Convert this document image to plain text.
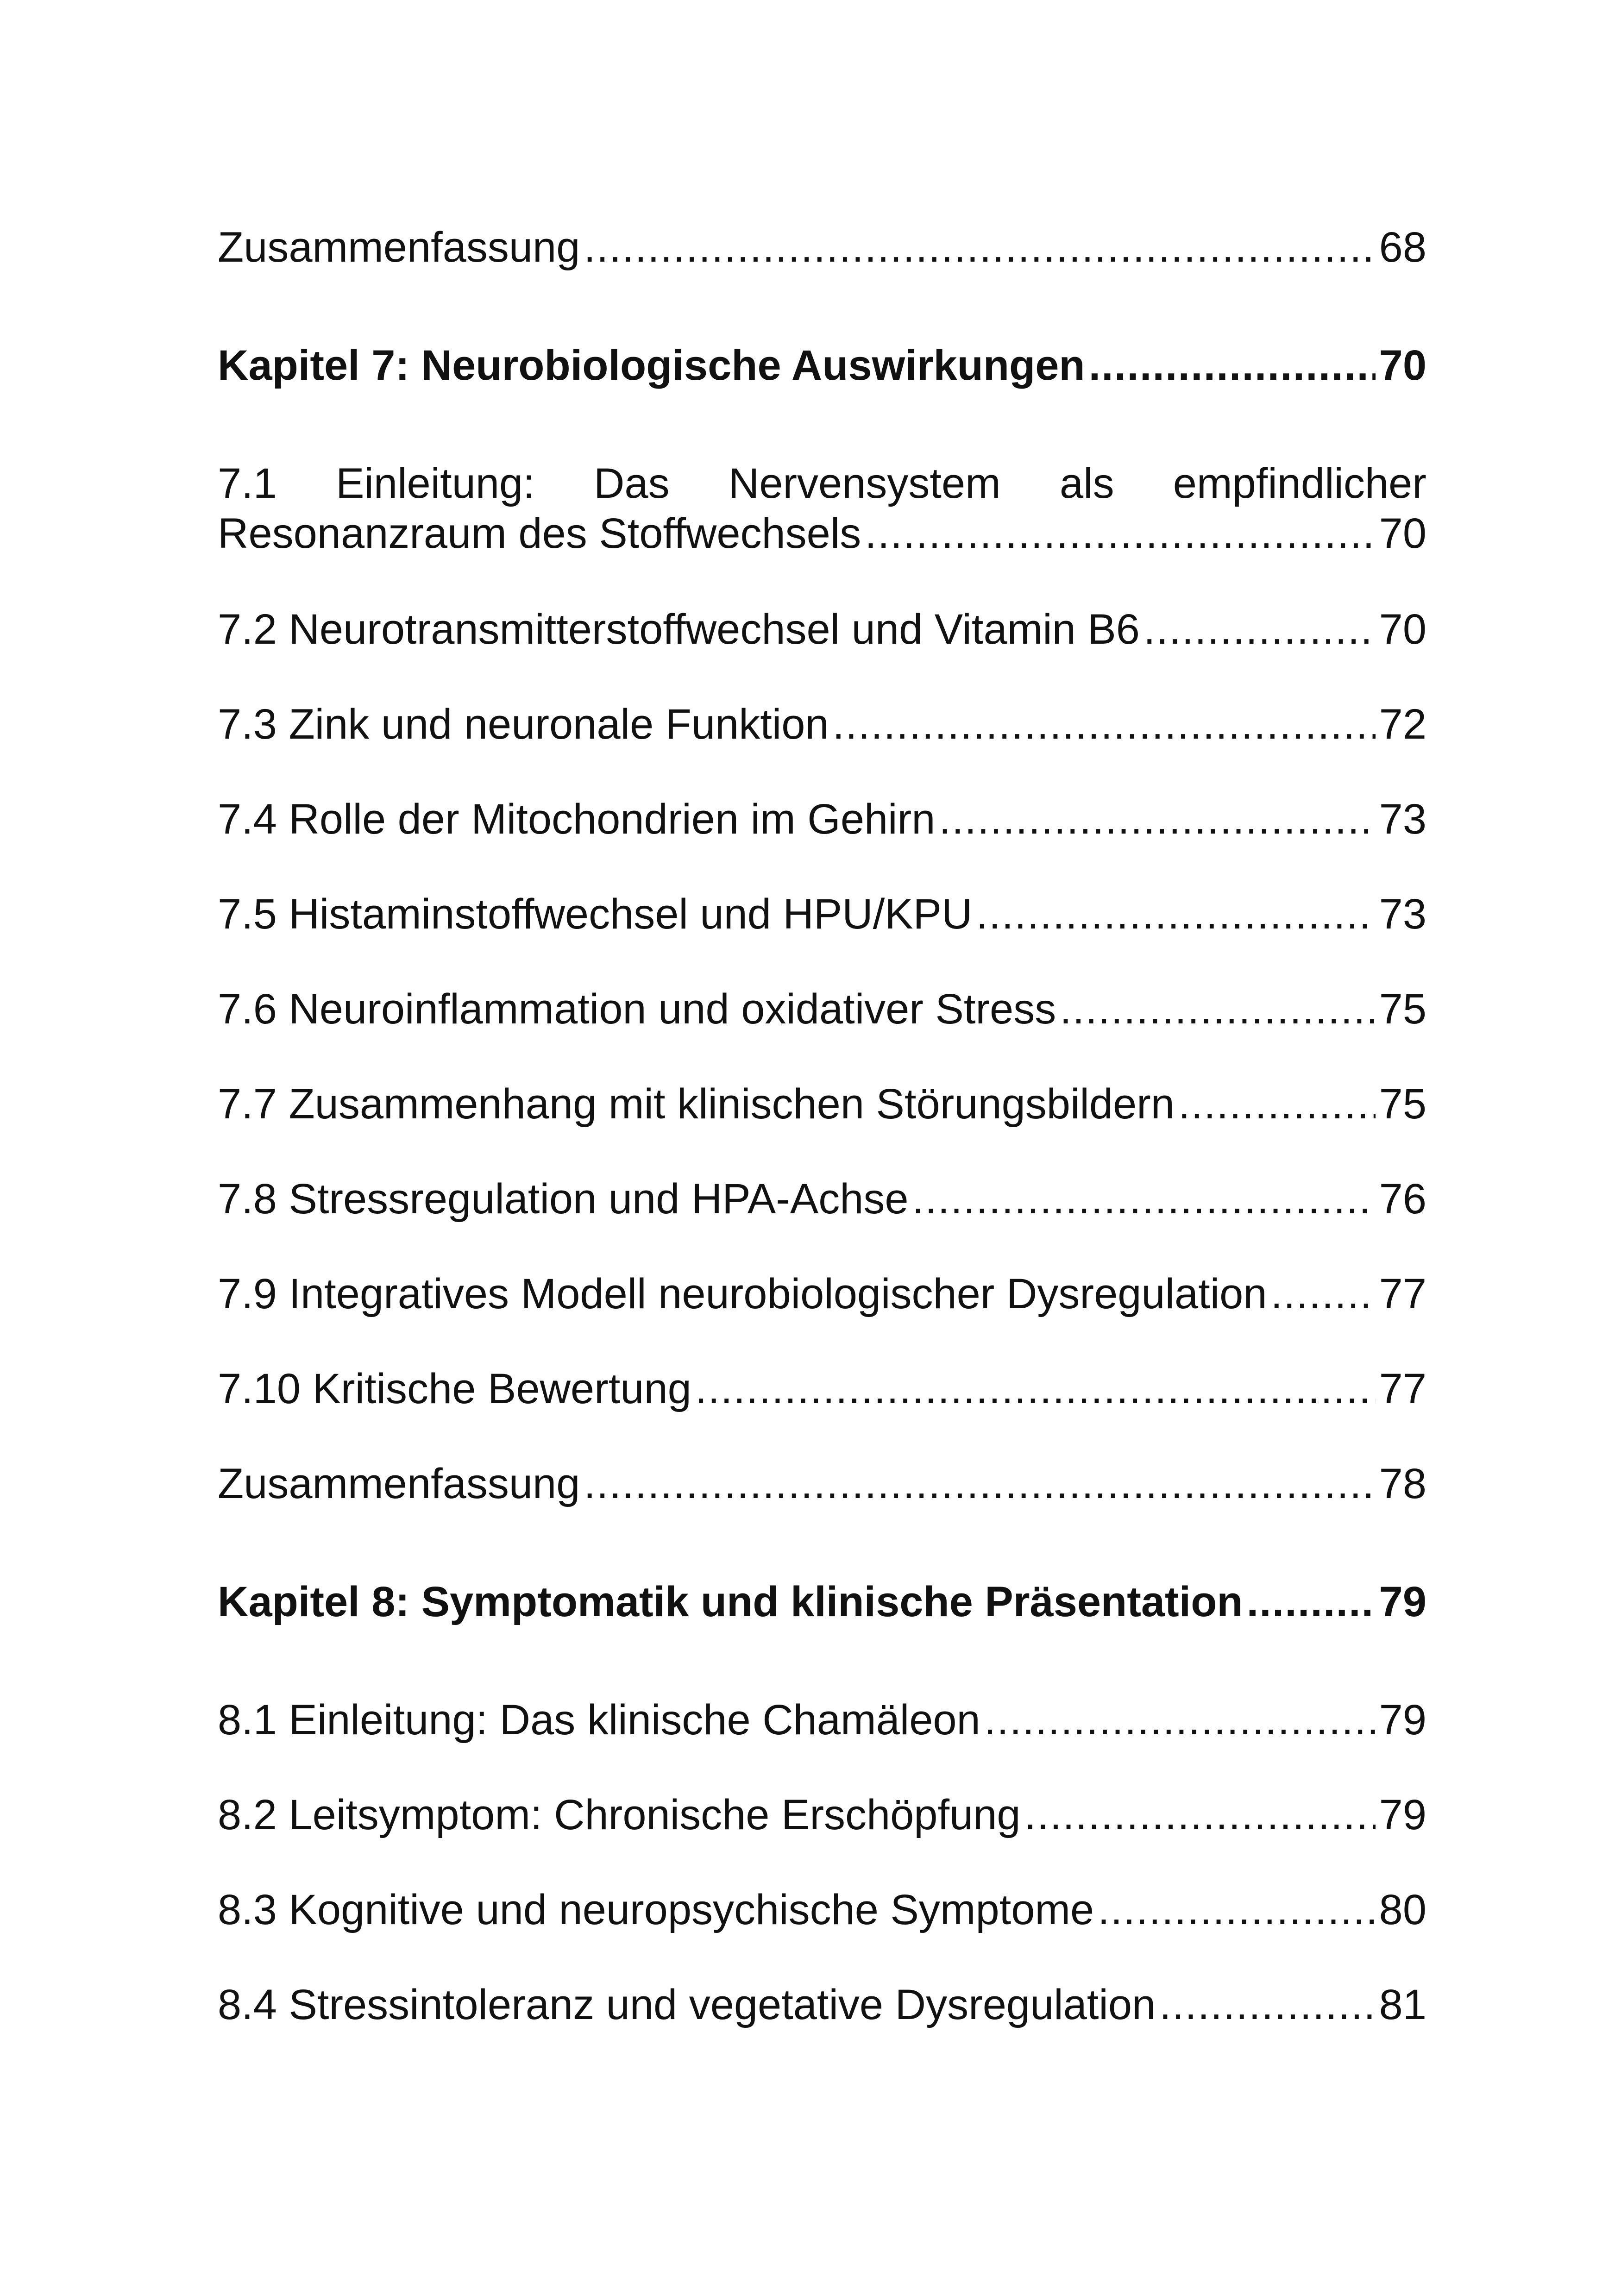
Zusammenfassung .....	68
Kapitel 7: Neurobiologische Auswirkungen .....	70
7.1 Einleitung: Das Nervensystem als empfindlicher
Resonanzraum des Stoffwechsels .....	70
7.2 Neurotransmitterstoffwechsel und Vitamin B6 .....	70
7.3 Zink und neuronale Funktion .....	72
7.4 Rolle der Mitochondrien im Gehirn .....	73
7.5 Histaminstoffwechsel und HPU/KPU .....	73
7.6 Neuroinflammation und oxidativer Stress .....	75
7.7 Zusammenhang mit klinischen Störungsbildern .....	75
7.8 Stressregulation und HPA-Achse .....	76
7.9 Integratives Modell neurobiologischer Dysregulation .....	77
7.10 Kritische Bewertung .....	77
Zusammenfassung .....	78
Kapitel 8: Symptomatik und klinische Präsentation .....	79
8.1 Einleitung: Das klinische Chamäleon .....	79
8.2 Leitsymptom: Chronische Erschöpfung .....	79
8.3 Kognitive und neuropsychische Symptome .....	80
8.4 Stressintoleranz und vegetative Dysregulation .....	81
